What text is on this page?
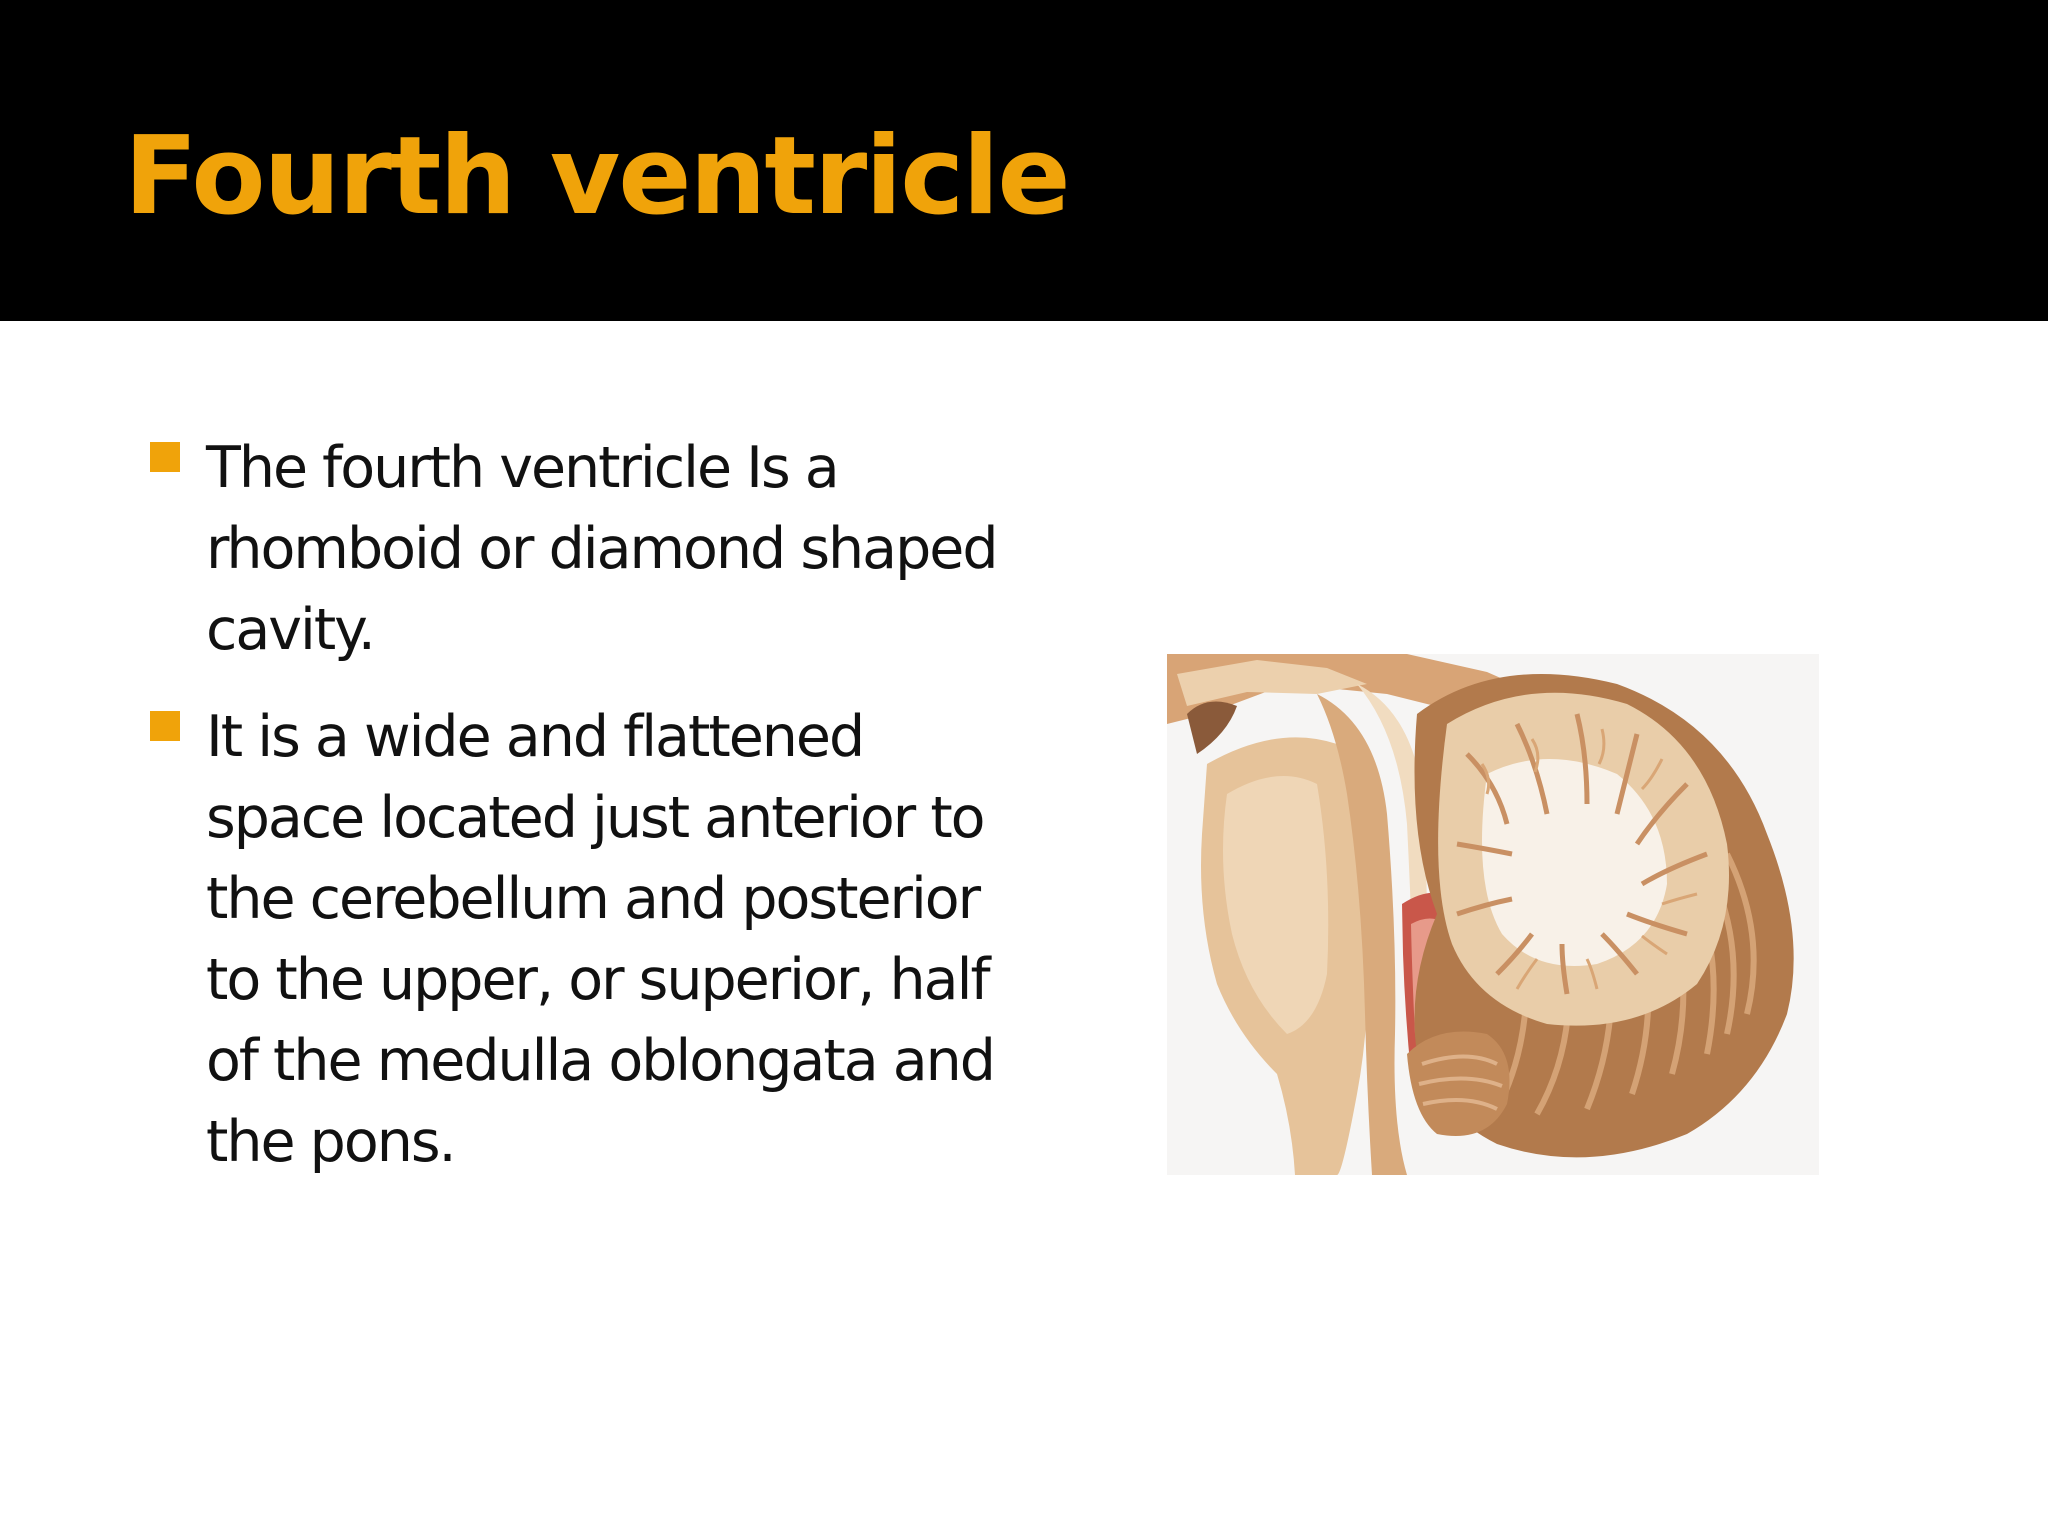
Fourth ventricle
The fourth ventricle Is a rhomboid or diamond shaped cavity.
It is a wide and flattened space located just anterior to the cerebellum and posterior to the upper, or superior, half of the medulla oblongata and the pons.
